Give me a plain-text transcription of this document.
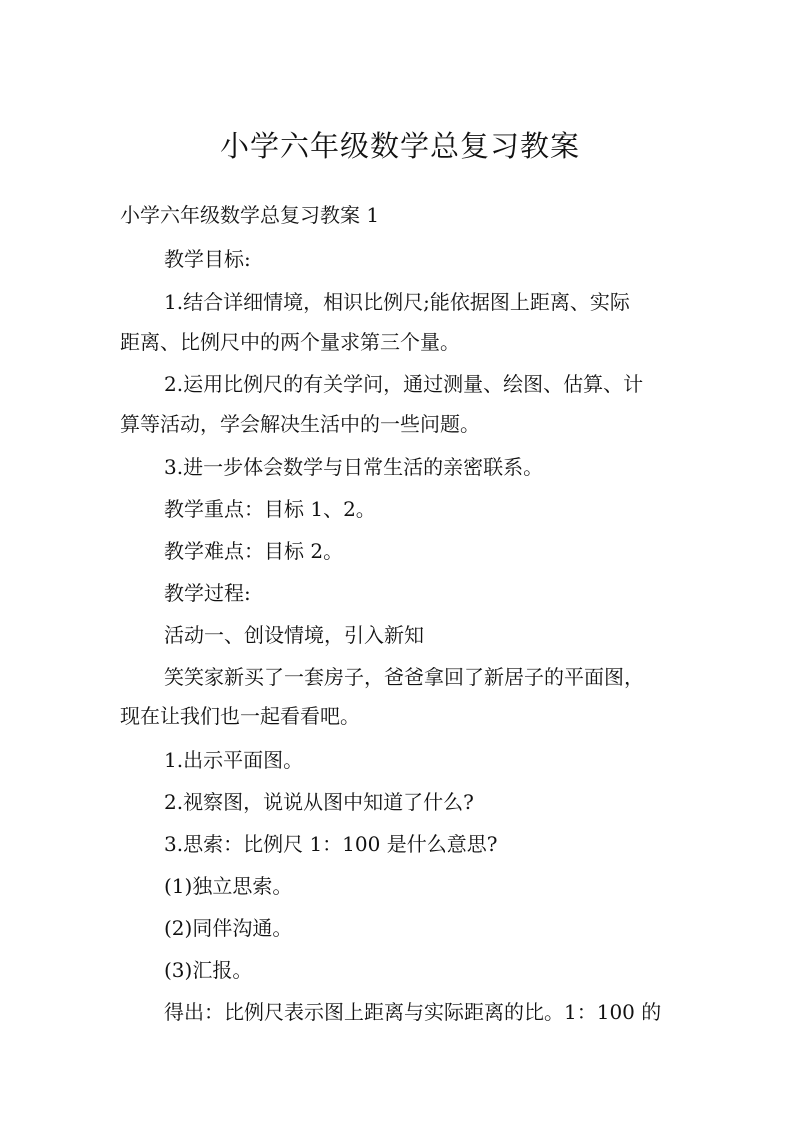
小学六年级数学总复习教案
小学六年级数学总复习教案 1
教学目标:
1.结合详细情境，相识比例尺;能依据图上距离、实际
距离、比例尺中的两个量求第三个量。
2.运用比例尺的有关学问，通过测量、绘图、估算、计
算等活动，学会解决生活中的一些问题。
3.进一步体会数学与日常生活的亲密联系。
教学重点：目标 1、2。
教学难点：目标 2。
教学过程:
活动一、创设情境，引入新知
笑笑家新买了一套房子，爸爸拿回了新居子的平面图，
现在让我们也一起看看吧。
1.出示平面图。
2.视察图，说说从图中知道了什么?
3.思索：比例尺 1：100 是什么意思?
(1)独立思索。
(2)同伴沟通。
(3)汇报。
得出：比例尺表示图上距离与实际距离的比。1：100 的
